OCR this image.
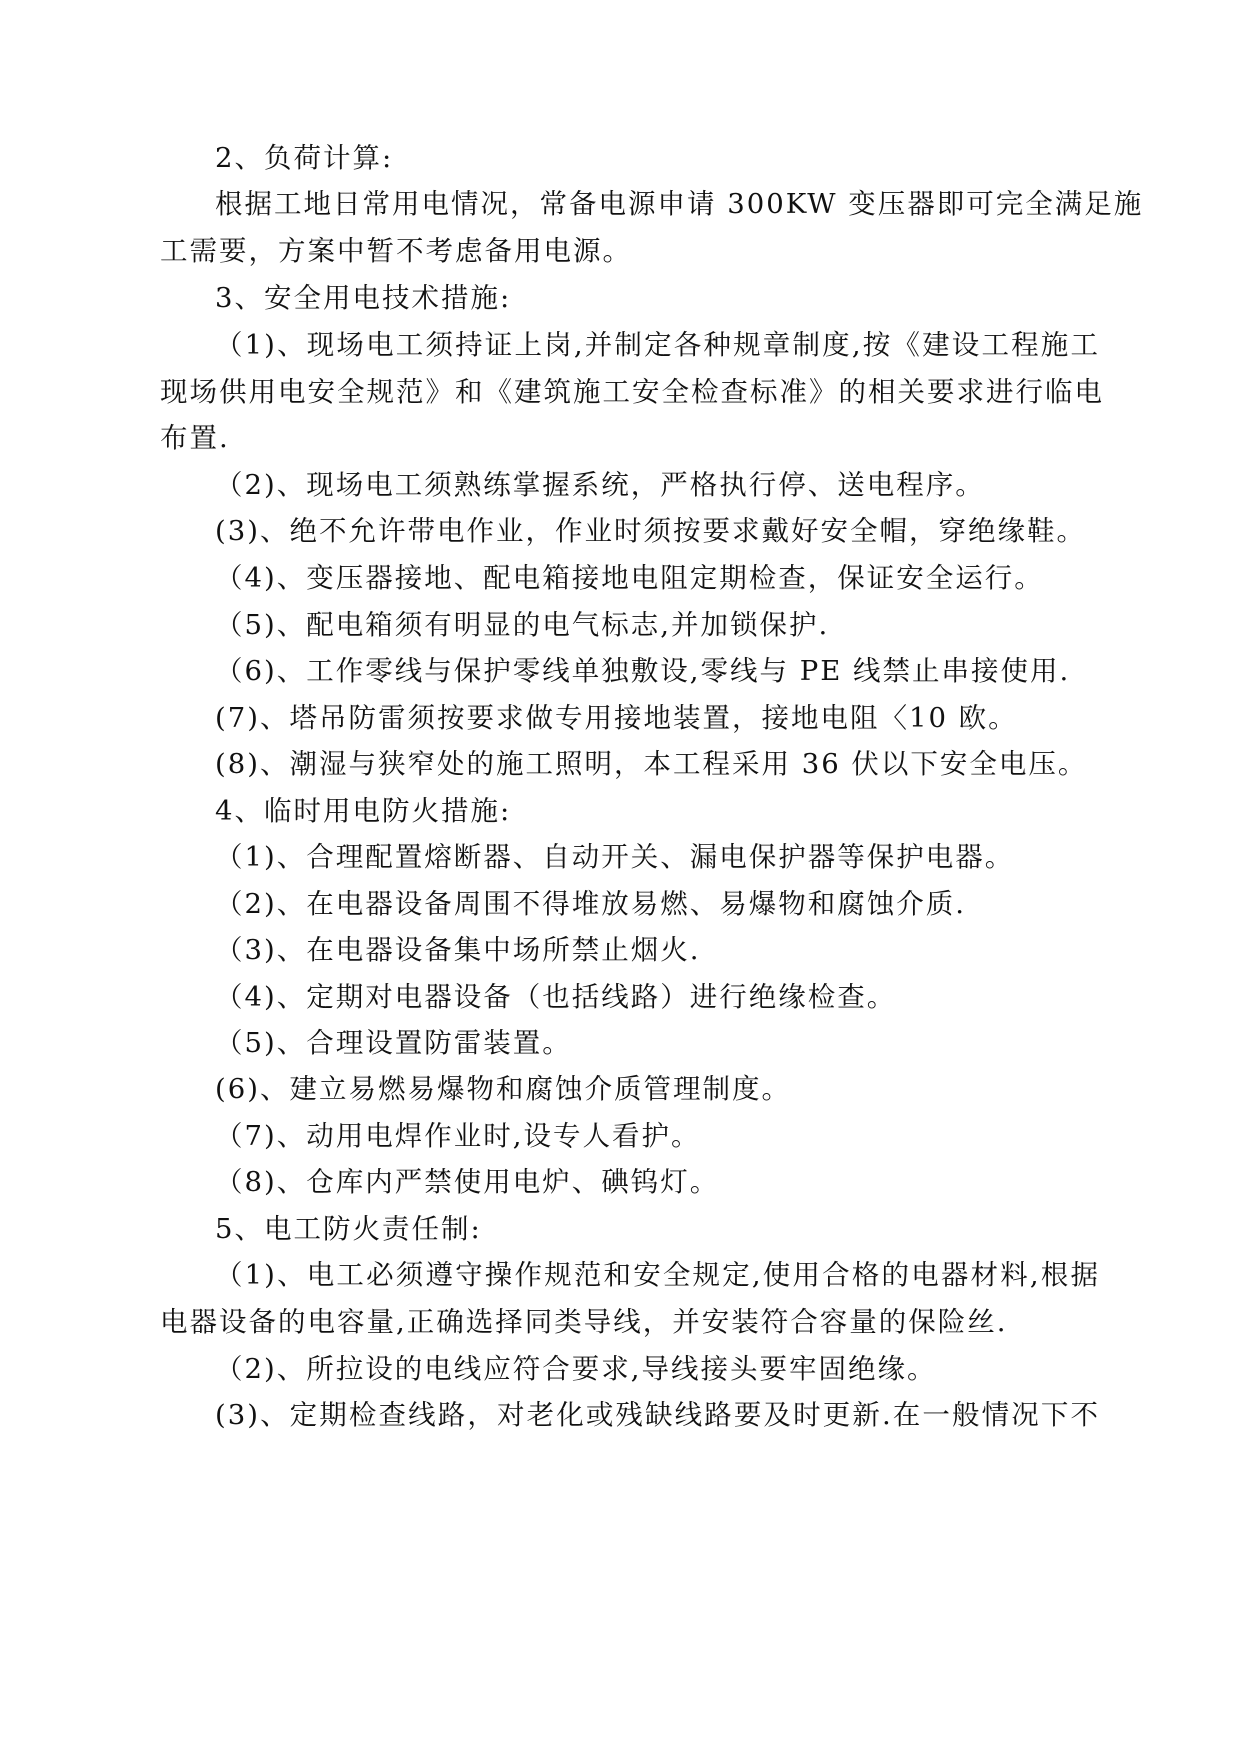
2、负荷计算:

根据工地日常用电情况，常备电源申请 300KW 变压器即可完全满足施

工需要，方案中暂不考虑备用电源。

3、安全用电技术措施:

（1)、现场电工须持证上岗,并制定各种规章制度,按《建设工程施工

现场供用电安全规范》和《建筑施工安全检查标准》的相关要求进行临电

布置.

（2)、现场电工须熟练掌握系统，严格执行停、送电程序。

(3)、绝不允许带电作业，作业时须按要求戴好安全帽，穿绝缘鞋。

（4)、变压器接地、配电箱接地电阻定期检查，保证安全运行。

（5)、配电箱须有明显的电气标志,并加锁保护.

（6)、工作零线与保护零线单独敷设,零线与 PE 线禁止串接使用.

(7)、塔吊防雷须按要求做专用接地装置，接地电阻〈10 欧。

(8)、潮湿与狭窄处的施工照明，本工程采用 36 伏以下安全电压。

4、临时用电防火措施:

（1)、合理配置熔断器、自动开关、漏电保护器等保护电器。

（2)、在电器设备周围不得堆放易燃、易爆物和腐蚀介质.

（3)、在电器设备集中场所禁止烟火.

（4)、定期对电器设备（也括线路）进行绝缘检查。

（5)、合理设置防雷装置。

(6)、建立易燃易爆物和腐蚀介质管理制度。

（7)、动用电焊作业时,设专人看护。

（8)、仓库内严禁使用电炉、碘钨灯。

5、电工防火责任制:

（1)、电工必须遵守操作规范和安全规定,使用合格的电器材料,根据

电器设备的电容量,正确选择同类导线，并安装符合容量的保险丝.

（2)、所拉设的电线应符合要求,导线接头要牢固绝缘。

(3)、定期检查线路，对老化或残缺线路要及时更新.在一般情况下不
